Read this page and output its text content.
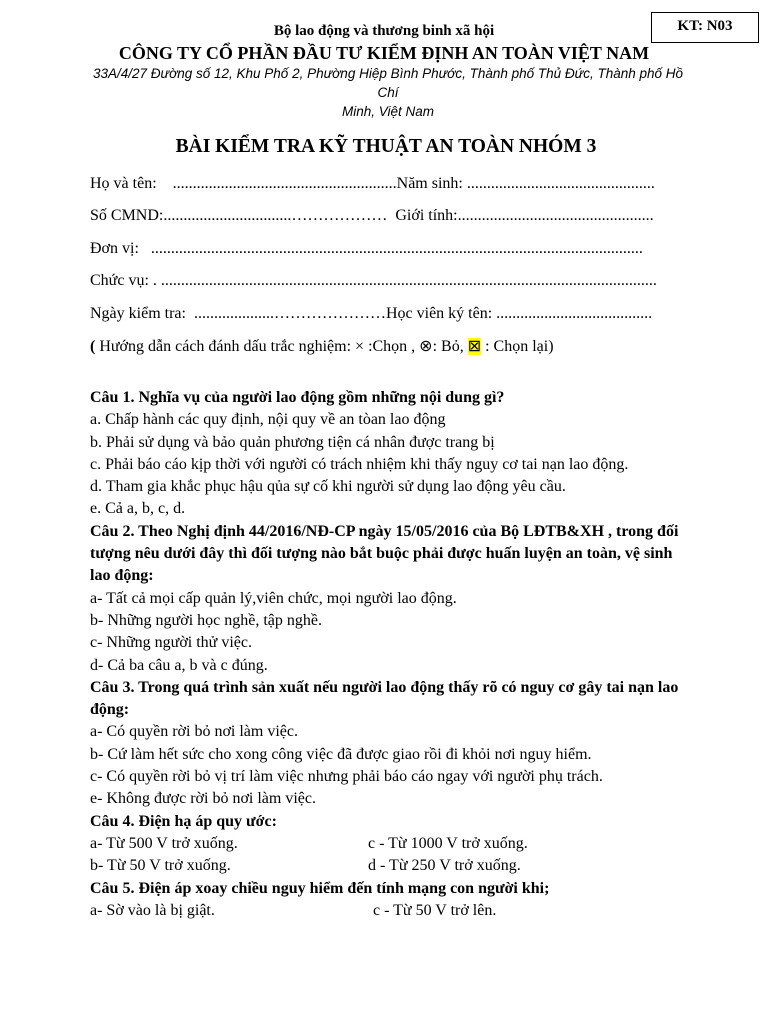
KT: N03
Bộ lao động và thương binh xã hội
CÔNG TY CỔ PHẦN ĐẦU TƯ KIỂM ĐỊNH AN TOÀN VIỆT NAM
33A/4/27 Đường số 12, Khu Phố 2, Phường Hiệp Bình Phước, Thành phố Thủ Đức, Thành phố Hồ Chí
Minh, Việt Nam
BÀI KIỂM TRA KỸ THUẬT AN TOÀN NHÓM 3
Họ và tên:    ........................................................Năm sinh: ...............................................
Số CMND:................................………………  Giới tính:.................................................
Đơn vị:   ...........................................................................................................................
Chức vụ: . ............................................................................................................................
Ngày kiểm tra:  ....................…………………Học viên ký tên: .......................................
( Hướng dẫn cách đánh dấu trắc nghiệm: × :Chọn , ⊗: Bỏ, ⊠ : Chọn lại)

Câu 1. Nghĩa vụ của người lao động gồm những nội dung gì?

a. Chấp hành các quy định, nội quy về an tòan lao động

b. Phải sử dụng và bảo quản phương tiện cá nhân được trang bị

c. Phải báo cáo kịp thời với người có trách nhiệm khi thấy nguy cơ tai nạn lao động.

d. Tham gia khắc phục hậu qủa sự cố khi người sử dụng lao động yêu cầu.

e. Cả a, b, c, d.

Câu 2. Theo Nghị định 44/2016/NĐ-CP ngày 15/05/2016 của Bộ LĐTB&XH , trong đối tượng nêu dưới đây thì đối tượng nào bắt buộc phải được huấn luyện an toàn, vệ sinh lao động:

a- Tất cả mọi cấp quản lý,viên chức, mọi người lao động.

b- Những người học nghề, tập nghề.

c- Những người thử việc.

d- Cả ba câu a, b và c đúng.

Câu 3. Trong quá trình sản xuất nếu người lao động thấy rõ có nguy cơ gây tai nạn lao động:

a- Có quyền rời bỏ nơi làm việc.

b- Cứ làm hết sức cho xong công việc đã được giao rồi đi khỏi nơi nguy hiểm.

c- Có quyền rời bỏ vị trí làm việc nhưng phải báo cáo ngay với người phụ trách.

e- Không được rời bỏ nơi làm việc.

Câu 4. Điện hạ áp quy ước:

a- Từ 500 V trở xuống.	c - Từ 1000 V trở xuống.
b- Từ 50 V trở xuống.	d - Từ 250 V trở xuống.

Câu 5. Điện áp xoay chiều nguy hiểm đến tính mạng con người khi;

a- Sờ vào là bị giật.	c - Từ 50 V trở lên.
